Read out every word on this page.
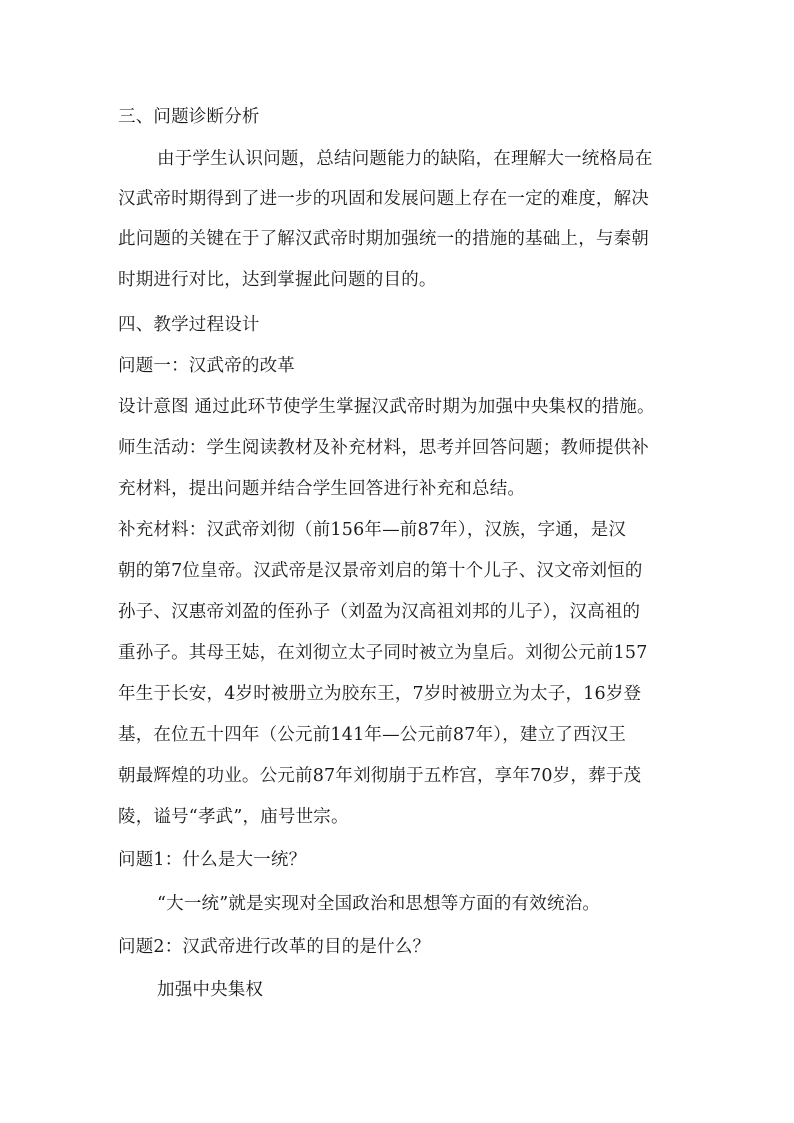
三、问题诊断分析
由于学生认识问题，总结问题能力的缺陷，在理解大一统格局在
汉武帝时期得到了进一步的巩固和发展问题上存在一定的难度，解决
此问题的关键在于了解汉武帝时期加强统一的措施的基础上，与秦朝
时期进行对比，达到掌握此问题的目的。
四、教学过程设计
问题一：汉武帝的改革
设计意图 通过此环节使学生掌握汉武帝时期为加强中央集权的措施。
师生活动：学生阅读教材及补充材料，思考并回答问题；教师提供补
充材料，提出问题并结合学生回答进行补充和总结。
补充材料：汉武帝刘彻（前156年—前87年），汉族，字通，是汉
朝的第7位皇帝。汉武帝是汉景帝刘启的第十个儿子、汉文帝刘恒的
孙子、汉惠帝刘盈的侄孙子（刘盈为汉高祖刘邦的儿子），汉高祖的
重孙子。其母王娡，在刘彻立太子同时被立为皇后。刘彻公元前157
年生于长安，4岁时被册立为胶东王，7岁时被册立为太子，16岁登
基，在位五十四年（公元前141年—公元前87年），建立了西汉王
朝最辉煌的功业。公元前87年刘彻崩于五柞宫，享年70岁，葬于茂
陵，谥号“孝武”，庙号世宗。
问题1：什么是大一统？
“大一统”就是实现对全国政治和思想等方面的有效统治。
问题2：汉武帝进行改革的目的是什么？
加强中央集权
